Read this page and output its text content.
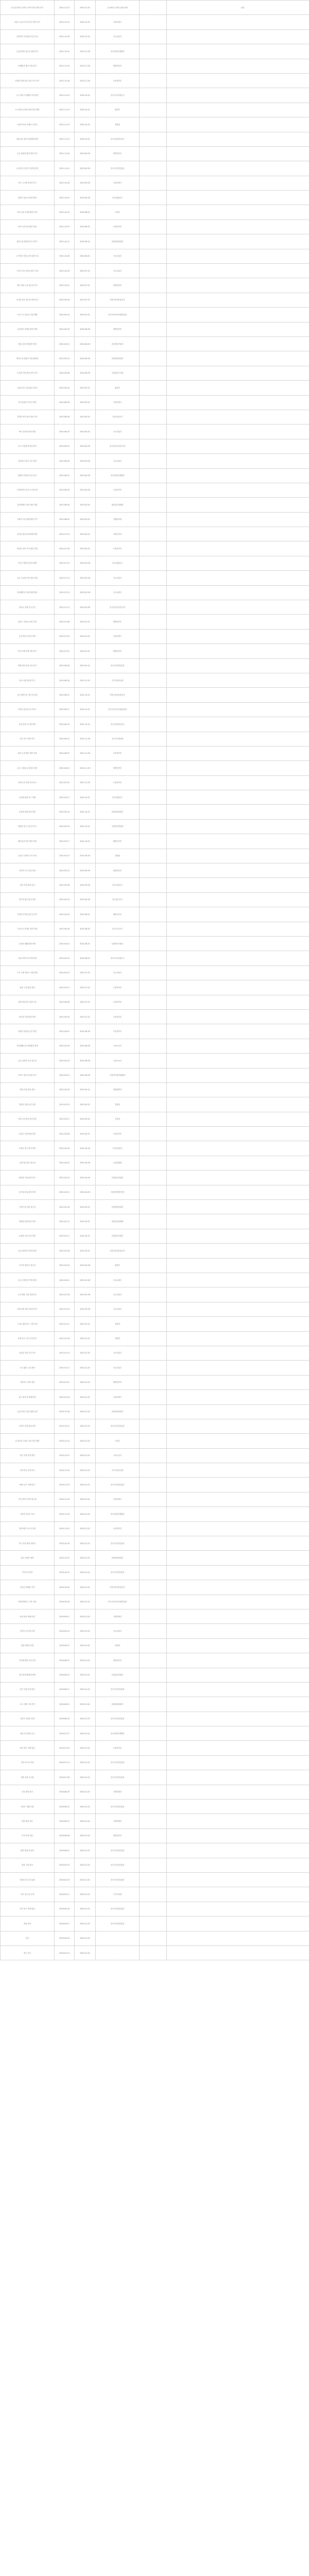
(도)유니버설 디자인 가이드라인 개정 연구	2021-12-15	2022-12-31	유니버설 디자인 관련 단체	-	(재)
서울시 공공시설 디자인 개선 연구	2021-12-15	2022-12-31	서울특별시		
교통약자 이동편의 증진 연구	2021-12-09	2022-12-31	국토교통부		
공공건축물 접근성 실태 조사	2021-12-01	2022-11-30	한국장애인개발원		
보행환경 개선 사업 평가	2021-11-30	2022-11-30	행정안전부		
장애인 편의시설 설치 기준 연구	2021-11-26	2022-11-30	보건복지부		
노인 친화 주거환경 조성 방안	2021-11-24	2022-10-31	한국토지주택공사		
도시공원 무장애 설계 지침 개발	2021-11-19	2022-10-31	환경부		
어린이 안전 보행로 디자인	2021-11-15	2022-10-31	경찰청		
대중교통 정보 안내체계 개선	2021-11-10	2022-10-31	한국교통안전공단		
공공 화장실 환경 개선 연구	2021-11-05	2022-09-30	행정안전부		
유니버설 디자인 인증제 운영	2021-11-01	2022-09-30	한국디자인진흥원		
사인 시스템 표준화 연구	2021-10-28	2022-09-30	서울특별시		
관광지 접근성 향상 방안	2021-10-25	2022-09-30	한국관광공사		
학교시설 무장애 환경 조성	2021-10-20	2022-08-31	교육부		
의료시설 이용 편의 개선	2021-10-15	2022-08-31	보건복지부		
문화시설 배리어프리 가이드	2021-10-12	2022-08-31	문화체육관광부		
주거약자 지원 주택 설계 기준	2021-10-08	2022-08-31	국토교통부		
스마트시티 포용성 평가 지표	2021-10-05	2022-07-31	국토교통부		
재난 대피 시설 접근성 연구	2021-10-01	2022-07-31	행정안전부		
디지털 정보 접근성 향상 연구	2021-09-28	2022-07-31	과학기술정보통신부		
키오스크 접근성 지침 개발	2021-09-24	2022-07-31	한국지능정보사회진흥원		
공공청사 민원실 환경 개선	2021-09-20	2022-06-30	행정안전부		
전통시장 보행 환경 개선	2021-09-15	2022-06-30	중소벤처기업부		
체육시설 장애인 이용 활성화	2021-09-10	2022-06-30	문화체육관광부		
도서관 이용 편의 증진 연구	2021-09-06	2022-06-30	국립중앙도서관		
공원 놀이시설 통합 디자인	2021-09-02	2022-05-31	환경부		
버스정류장 디자인 개선	2021-08-30	2022-05-31	서울특별시		
지하철 역사 동선 개선 연구	2021-08-26	2022-05-31	서울교통공사		
택시 승하차 편의 개선	2021-08-23	2022-05-31	국토교통부		
보도 포장재 안전성 평가	2021-08-19	2022-04-30	한국건설기술연구원		
점자블록 설치 기준 정비	2021-08-16	2022-04-30	국토교통부		
휠체어 이용자 동선 분석	2021-08-12	2022-04-30	한국장애인개발원		
시각장애인 안내 시스템 연구	2021-08-09	2022-04-30	보건복지부		
청각장애인 정보 제공 개선	2021-08-05	2022-03-31	방송통신위원회		
고령자 낙상 예방 환경 연구	2021-08-02	2022-03-31	질병관리청		
임산부 편의시설 확충 방안	2021-07-29	2022-03-31	여성가족부		
영유아 동반 가족 편의 개선	2021-07-26	2022-03-31	보건복지부		
외국인 방문객 안내 체계	2021-07-22	2022-02-28	한국관광공사		
공공 주차장 이용 편의 개선	2021-07-19	2022-02-28	국토교통부		
엘리베이터 설치 확대 방안	2021-07-15	2022-02-28	국토교통부		
경사로 설계 기준 연구	2021-07-12	2022-02-28	한국건설기술연구원		
출입구 자동문 설치 지침	2021-07-08	2022-01-31	행정안전부		
공공 벤치 디자인 개선	2021-07-05	2022-01-31	서울특별시		
야간 보행 조명 개선 연구	2021-07-01	2022-01-31	행정안전부		
색채 대비 안내 기준 연구	2021-06-28	2022-01-31	한국디자인진흥원		
픽토그램 표준화 연구	2021-06-24	2021-12-31	국가기술표준원		
공공 웹사이트 접근성 점검	2021-06-21	2021-12-31	과학기술정보통신부		
모바일 앱 접근성 가이드	2021-06-17	2021-12-31	한국지능정보사회진흥원		
음성 안내 시스템 개선	2021-06-14	2021-12-31	한국교통안전공단		
촉각 지도 제작 연구	2021-06-10	2021-11-30	국토지리정보원		
쉬운 글 안내문 제작 지침	2021-06-07	2021-11-30	보건복지부		
공공 시설물 유지관리 개선	2021-06-03	2021-11-30	행정안전부		
편의시설 실태 전수조사	2021-05-31	2021-11-30	보건복지부		
무장애 관광 코스 개발	2021-05-27	2021-10-31	한국관광공사		
공연장 관람 편의 개선	2021-05-24	2021-10-31	문화체육관광부		
박물관 전시 접근성 연구	2021-05-20	2021-10-31	국립중앙박물관		
해수욕장 이용 편의 개선	2021-05-17	2021-10-31	해양수산부		
등산로 무장애 구간 조성	2021-05-13	2021-09-30	산림청		
자전거 도로 안전 개선	2021-05-10	2021-09-30	행정안전부		
공항 이용 편의 증진	2021-05-06	2021-09-30	한국공항공사		
철도역 환승 편의 개선	2021-05-03	2021-09-30	한국철도공사		
여객선 터미널 접근성 연구	2021-04-29	2021-08-31	해양수산부		
고속도로 휴게소 편의 개선	2021-04-26	2021-08-31	한국도로공사		
농어촌 생활 환경 개선	2021-04-22	2021-08-31	농림축산식품부		
공동주택 단지 보행 개선	2021-04-19	2021-08-31	한국토지주택공사		
노후 주택 개보수 지원 방안	2021-04-15	2021-07-31	국토교통부		
돌봄 시설 환경 개선	2021-04-12	2021-07-31	보건복지부		
어린이집 안전 설계 기준	2021-04-08	2021-07-31	보건복지부		
경로당 이용 환경 개선	2021-04-05	2021-07-31	보건복지부		
장애인 복지관 공간 개선	2021-04-01	2021-06-30	보건복지부		
직업재활시설 작업환경 개선	2021-03-29	2021-06-30	고용노동부		
공공 일자리 공간 접근성	2021-03-25	2021-06-30	고용노동부		
투표소 접근성 향상 연구	2021-03-22	2021-06-30	중앙선거관리위원회		
법원 이용 편의 개선	2021-03-18	2021-05-31	법원행정처		
경찰서 민원 공간 개선	2021-03-15	2021-05-31	경찰청		
소방시설 대피 안내 개선	2021-03-11	2021-05-31	소방청		
보건소 이용 환경 개선	2021-03-08	2021-05-31	보건복지부		
우체국 창구 편의 개선	2021-03-04	2021-04-30	우정사업본부		
금융기관 점포 접근성	2021-03-02	2021-04-30	금융위원회		
편의점 이용 편의 연구	2021-02-25	2021-04-30	산업통상자원부		
음식점 출입 편의 개선	2021-02-22	2021-04-30	식품의약품안전처		
숙박시설 객실 접근성	2021-02-18	2021-03-31	문화체육관광부		
영화관 관람 편의 개선	2021-02-15	2021-03-31	영화진흥위원회		
쇼핑몰 이동 동선 개선	2021-02-11	2021-03-31	산업통상자원부		
공공 와이파이 안내 개선	2021-02-08	2021-03-31	과학기술정보통신부		
전기차 충전소 접근성	2021-02-04	2021-02-28	환경부		
공유 모빌리티 이용 편의	2021-02-01	2021-02-28	국토교통부		
드론 배송 거점 설계 연구	2021-01-28	2021-02-28	국토교통부		
자율주행 셔틀 승하차 연구	2021-01-25	2021-02-28	국토교통부		
스마트 횡단보도 시범 사업	2021-01-21	2021-01-31	경찰청		
보행 신호 시간 조정 연구	2021-01-18	2021-01-31	경찰청		
교통섬 설치 기준 연구	2021-01-14	2021-01-31	국토교통부		
도로 횡단 시설 개선	2021-01-11	2021-01-31	국토교통부		
지하보도 안전 개선	2021-01-07	2021-01-31	행정안전부		
육교 철거 및 대체 방안	2021-01-04	2021-01-31	서울특별시		
공공디자인 진흥 계획 수립	2020-12-28	2020-12-31	문화체육관광부		
디자인 정책 성과 평가	2020-12-21	2020-12-31	한국디자인진흥원		
유니버설 디자인 교육 과정 개발	2020-12-14	2020-12-31	교육부		
전문 인력 양성 방안	2020-12-07	2020-12-31	고용노동부		
국제 표준 동향 조사	2020-11-30	2020-12-31	국가기술표준원		
해외 우수 사례 분석	2020-11-23	2020-12-31	한국디자인진흥원		
시민 참여 디자인 워크숍	2020-11-16	2020-12-31	서울특별시		
사용자 만족도 조사	2020-11-09	2020-12-31	한국장애인개발원		
정책 제안 보고서 작성	2020-11-02	2020-12-31	보건복지부		
연구 성과 확산 세미나	2020-10-26	2020-12-31	한국디자인진흥원		
홍보 콘텐츠 제작	2020-10-19	2020-12-31	문화체육관광부		
가이드북 발간	2020-10-12	2020-12-31	한국디자인진흥원		
온라인 플랫폼 구축	2020-10-05	2020-12-31	과학기술정보통신부		
데이터베이스 구축 사업	2020-09-28	2020-12-31	한국지능정보사회진흥원		
성과 관리 체계 마련	2020-09-21	2020-12-31	기획재정부		
중장기 로드맵 수립	2020-09-14	2020-12-31	국토교통부		
법령 개정안 마련	2020-09-07	2020-12-31	법제처		
지자체 협력 사업 추진	2020-08-31	2020-12-31	행정안전부		
민간 참여 활성화 방안	2020-08-24	2020-12-31	산업통상자원부		
인증 기관 운영 평가	2020-08-17	2020-12-31	한국디자인진흥원		
우수 사례 시상 운영	2020-08-10	2020-12-31	문화체육관광부		
전문가 자문단 운영	2020-08-03	2020-12-31	한국디자인진흥원		
현장 모니터링 실시	2020-07-27	2020-12-31	한국장애인개발원		
개선 권고 이행 점검	2020-07-20	2020-12-31	보건복지부		
연차 보고서 작성	2020-07-13	2020-12-31	한국디자인진흥원		
최종 성과 보고회	2020-07-06	2020-12-31	한국디자인진흥원		
사업 종합 평가	2020-06-29	2020-12-31	기획재정부		
차년도 계획 수립	2020-06-22	2020-12-31	한국디자인진흥원		
예산 편성 검토	2020-06-15	2020-12-31	기획재정부		
조직 운영 개선	2020-06-08	2020-12-31	행정안전부		
협약 체결 및 관리	2020-06-01	2020-12-31	한국디자인진흥원		
위탁 사업 관리	2020-05-25	2020-12-31	한국디자인진흥원		
결과물 검수 및 납품	2020-05-18	2020-12-31	한국디자인진흥원		
자료 보존 및 공개	2020-05-11	2020-12-31	국가기록원		
후속 연구 과제 발굴	2020-05-04	2020-12-31	한국디자인진흥원		
종합 정리	2020-04-27	2020-12-31	한국디자인진흥원		
부록	2020-04-20	2020-12-31	-		
참고 자료	2020-04-13	2020-12-31	-		
